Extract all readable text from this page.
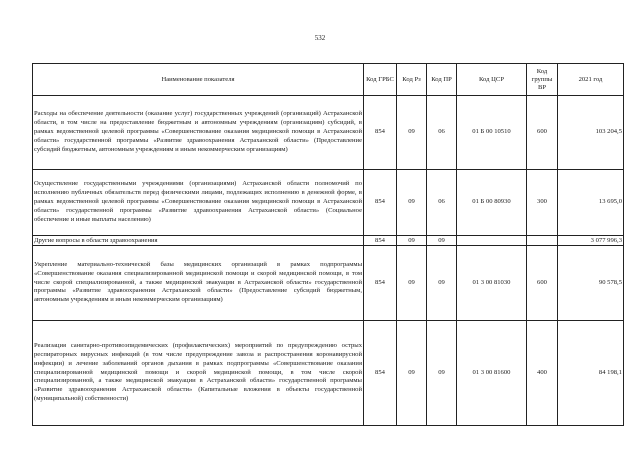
532
Наименование показателя	Код ГРБС	Код Рз	Код ПР	Код ЦСР	Код группы ВР	2021 год
Расходы на обеспечение деятельности (оказание услуг) государственных учреждений (организаций) Астраханской области, в том числе на предоставление бюджетным и автономным учреждениям (организациям) субсидий, в рамках ведомственной целевой программы «Совершенствование оказания медицинской помощи в Астраханской области» государственной программы «Развитие здравоохранения Астраханской области» (Предоставление субсидий бюджетным, автономным учреждениям и иным некоммерческим организациям)	854	09	06	01 Б 00 10510	600	103 204,5
Осуществление государственными учреждениями (организациями) Астраханской области полномочий по исполнению публичных обязательств перед физическими лицами, подлежащих исполнению в денежной форме, в рамках ведомственной целевой программы «Совершенствование оказания медицинской помощи в Астраханской области» государственной программы «Развитие здравоохранения Астраханской области» (Социальное обеспечение и иные выплаты населению)	854	09	06	01 Б 00 80930	300	13 695,0
Другие вопросы в области здравоохранения	854	09	09			3 077 996,3
Укрепление материально-технической базы медицинских организаций в рамках подпрограммы «Совершенствование оказания специализированной медицинской помощи и скорой медицинской помощи, в том числе скорой специализированной, а также медицинской эвакуации в Астраханской области» государственной программы «Развитие здравоохранения Астраханской области» (Предоставление субсидий бюджетным, автономным учреждениям и иным некоммерческим организациям)	854	09	09	01 3 00 81030	600	90 578,5
Реализация санитарно-противоэпидемических (профилактических) мероприятий по предупреждению острых респираторных вирусных инфекций (в том числе предупреждение завоза и распространения коронавирусной инфекции) и лечение заболеваний органов дыхания в рамках подпрограммы «Совершенствование оказания специализированной медицинской помощи и скорой медицинской помощи, в том числе скорой специализированной, а также медицинской эвакуации в Астраханской области» государственной программы «Развитие здравоохранения Астраханской области» (Капитальные вложения в объекты государственной (муниципальной) собственности)	854	09	09	01 3 00 81600	400	84 198,1
